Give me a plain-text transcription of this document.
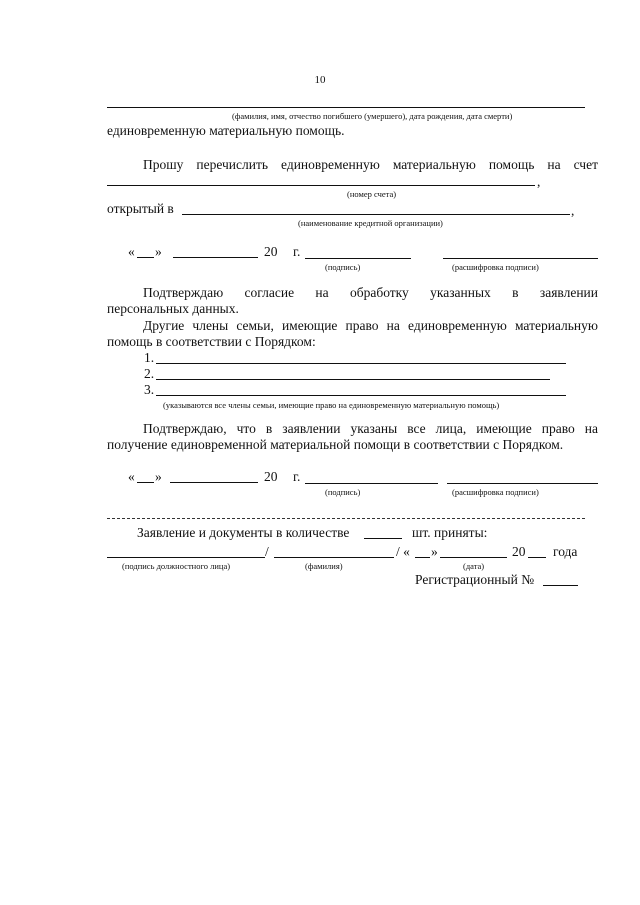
10
(фамилия, имя, отчество погибшего (умершего), дата рождения, дата смерти)
единовременную материальную помощь.
Прошу перечислить единовременную материальную помощь на счет
,
(номер счета)
открытый в	,
(наименование кредитной организации)
« »	20 г.
(подпись)	(расшифровка подписи)
Подтверждаю согласие на обработку указанных в заявлении
персональных данных.
Другие члены семьи, имеющие право на единовременную материальную
помощь в соответствии с Порядком:
1.
2.
3.
(указываются все члены семьи, имеющие право на единовременную материальную помощь)
Подтверждаю, что в заявлении указаны все лица, имеющие право на
получение единовременной материальной помощи в соответствии с Порядком.
« »	20 г.
(подпись)	(расшифровка подписи)
Заявление и документы в количестве	шт. приняты:
/	/ « »	20 года
(подпись должностного лица)	(фамилия)	(дата)
Регистрационный №
